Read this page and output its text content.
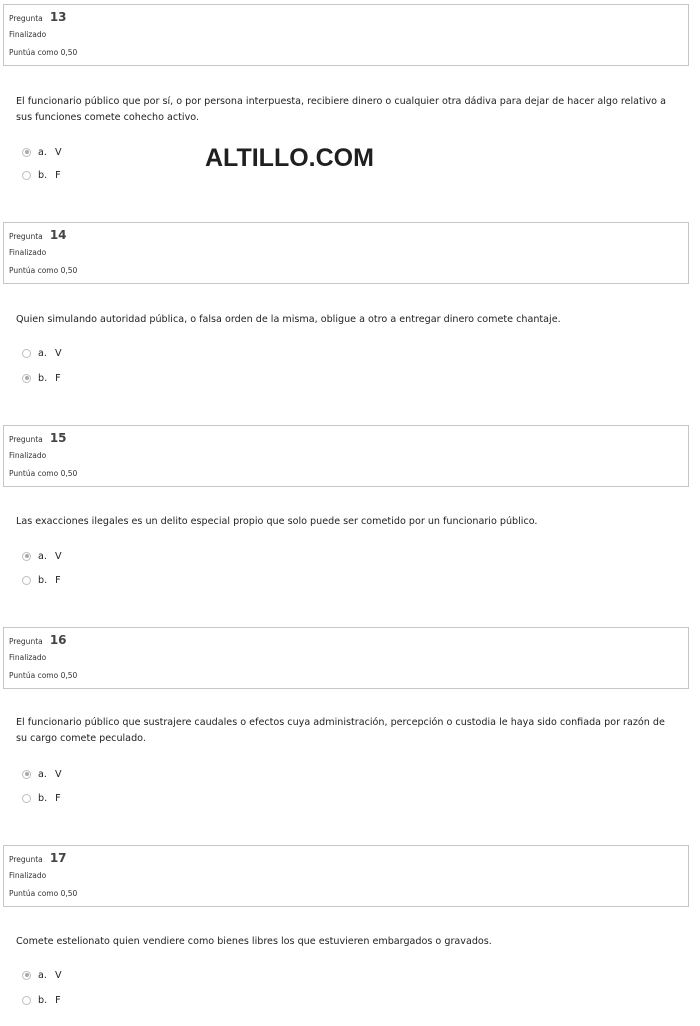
Pregunta 13
Finalizado
Puntúa como 0,50
El funcionario público que por sí, o por persona interpuesta, recibiere dinero o cualquier otra dádiva para dejar de hacer algo relativo a sus funciones comete cohecho activo.
a. V
b. F
ALTILLO.COM
Pregunta 14
Finalizado
Puntúa como 0,50
Quien simulando autoridad pública, o falsa orden de la misma, obligue a otro a entregar dinero comete chantaje.
a. V
b. F
Pregunta 15
Finalizado
Puntúa como 0,50
Las exacciones ilegales es un delito especial propio que solo puede ser cometido por un funcionario público.
a. V
b. F
Pregunta 16
Finalizado
Puntúa como 0,50
El funcionario público que sustrajere caudales o efectos cuya administración, percepción o custodia le haya sido confiada por razón de su cargo comete peculado.
a. V
b. F
Pregunta 17
Finalizado
Puntúa como 0,50
Comete estelionato quien vendiere como bienes libres los que estuvieren embargados o gravados.
a. V
b. F
